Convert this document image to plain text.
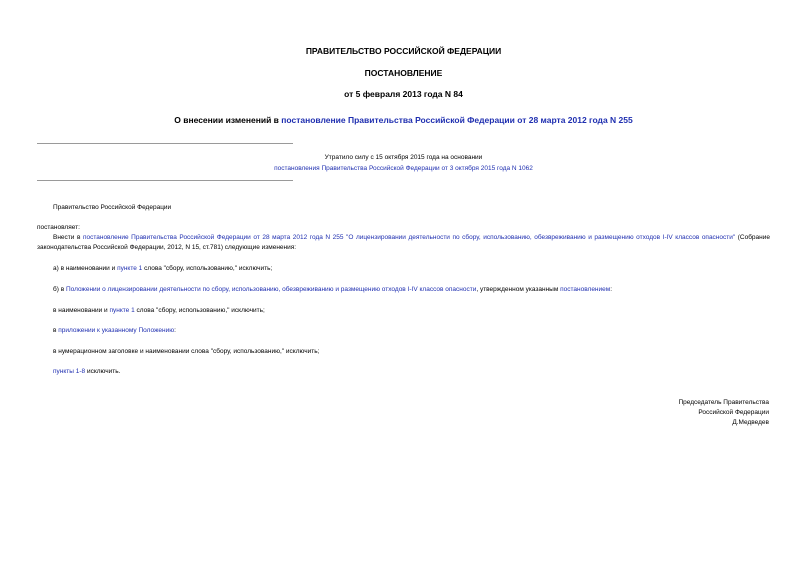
ПРАВИТЕЛЬСТВО РОССИЙСКОЙ ФЕДЕРАЦИИ
ПОСТАНОВЛЕНИЕ
от 5 февраля 2013 года N 84
О внесении изменений в постановление Правительства Российской Федерации от 28 марта 2012 года N 255
Утратило силу с 15 октября 2015 года на основании
постановления Правительства Российской Федерации от 3 октября 2015 года N 1062
Правительство Российской Федерации
постановляет:
Внести в постановление Правительства Российской Федерации от 28 марта 2012 года N 255 "О лицензировании деятельности по сбору, использованию, обезвреживанию и размещению отходов I-IV классов опасности" (Собрание законодательства Российской Федерации, 2012, N 15, ст.781) следующие изменения:
а) в наименовании и пункте 1 слова "сбору, использованию," исключить;
б) в Положении о лицензировании деятельности по сбору, использованию, обезвреживанию и размещению отходов I-IV классов опасности, утвержденном указанным постановлением:
в наименовании и пункте 1 слова "сбору, использованию," исключить;
в приложении к указанному Положению:
в нумерационном заголовке и наименовании слова "сбору, использованию," исключить;
пункты 1-8 исключить.
Председатель Правительства
Российской Федерации
Д.Медведев
